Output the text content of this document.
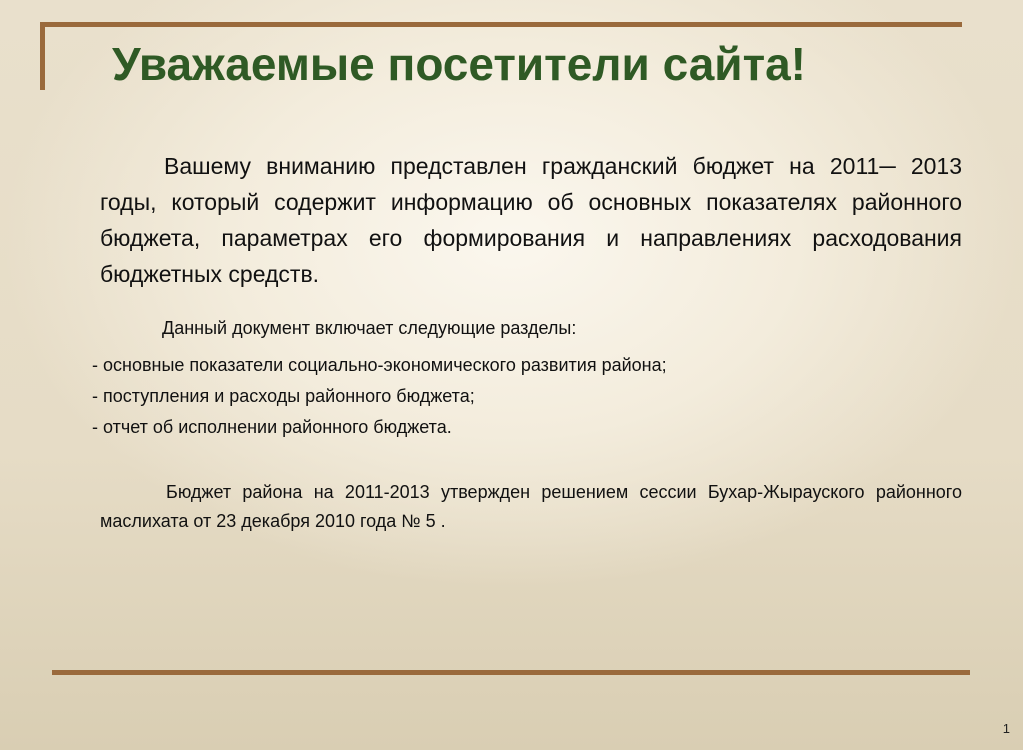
Уважаемые посетители сайта!

Вашему вниманию представлен гражданский бюджет на 2011─ 2013 годы, который содержит информацию об основных показателях районного бюджета, параметрах его формирования и направлениях расходования бюджетных средств.

Данный документ включает следующие разделы:

- основные показатели социально-экономического развития района;
- поступления и расходы районного бюджета;
- отчет об исполнении районного бюджета.

Бюджет района на 2011-2013 утвержден решением сессии Бухар-Жырауского районного маслихата от 23 декабря 2010 года № 5 .

1
